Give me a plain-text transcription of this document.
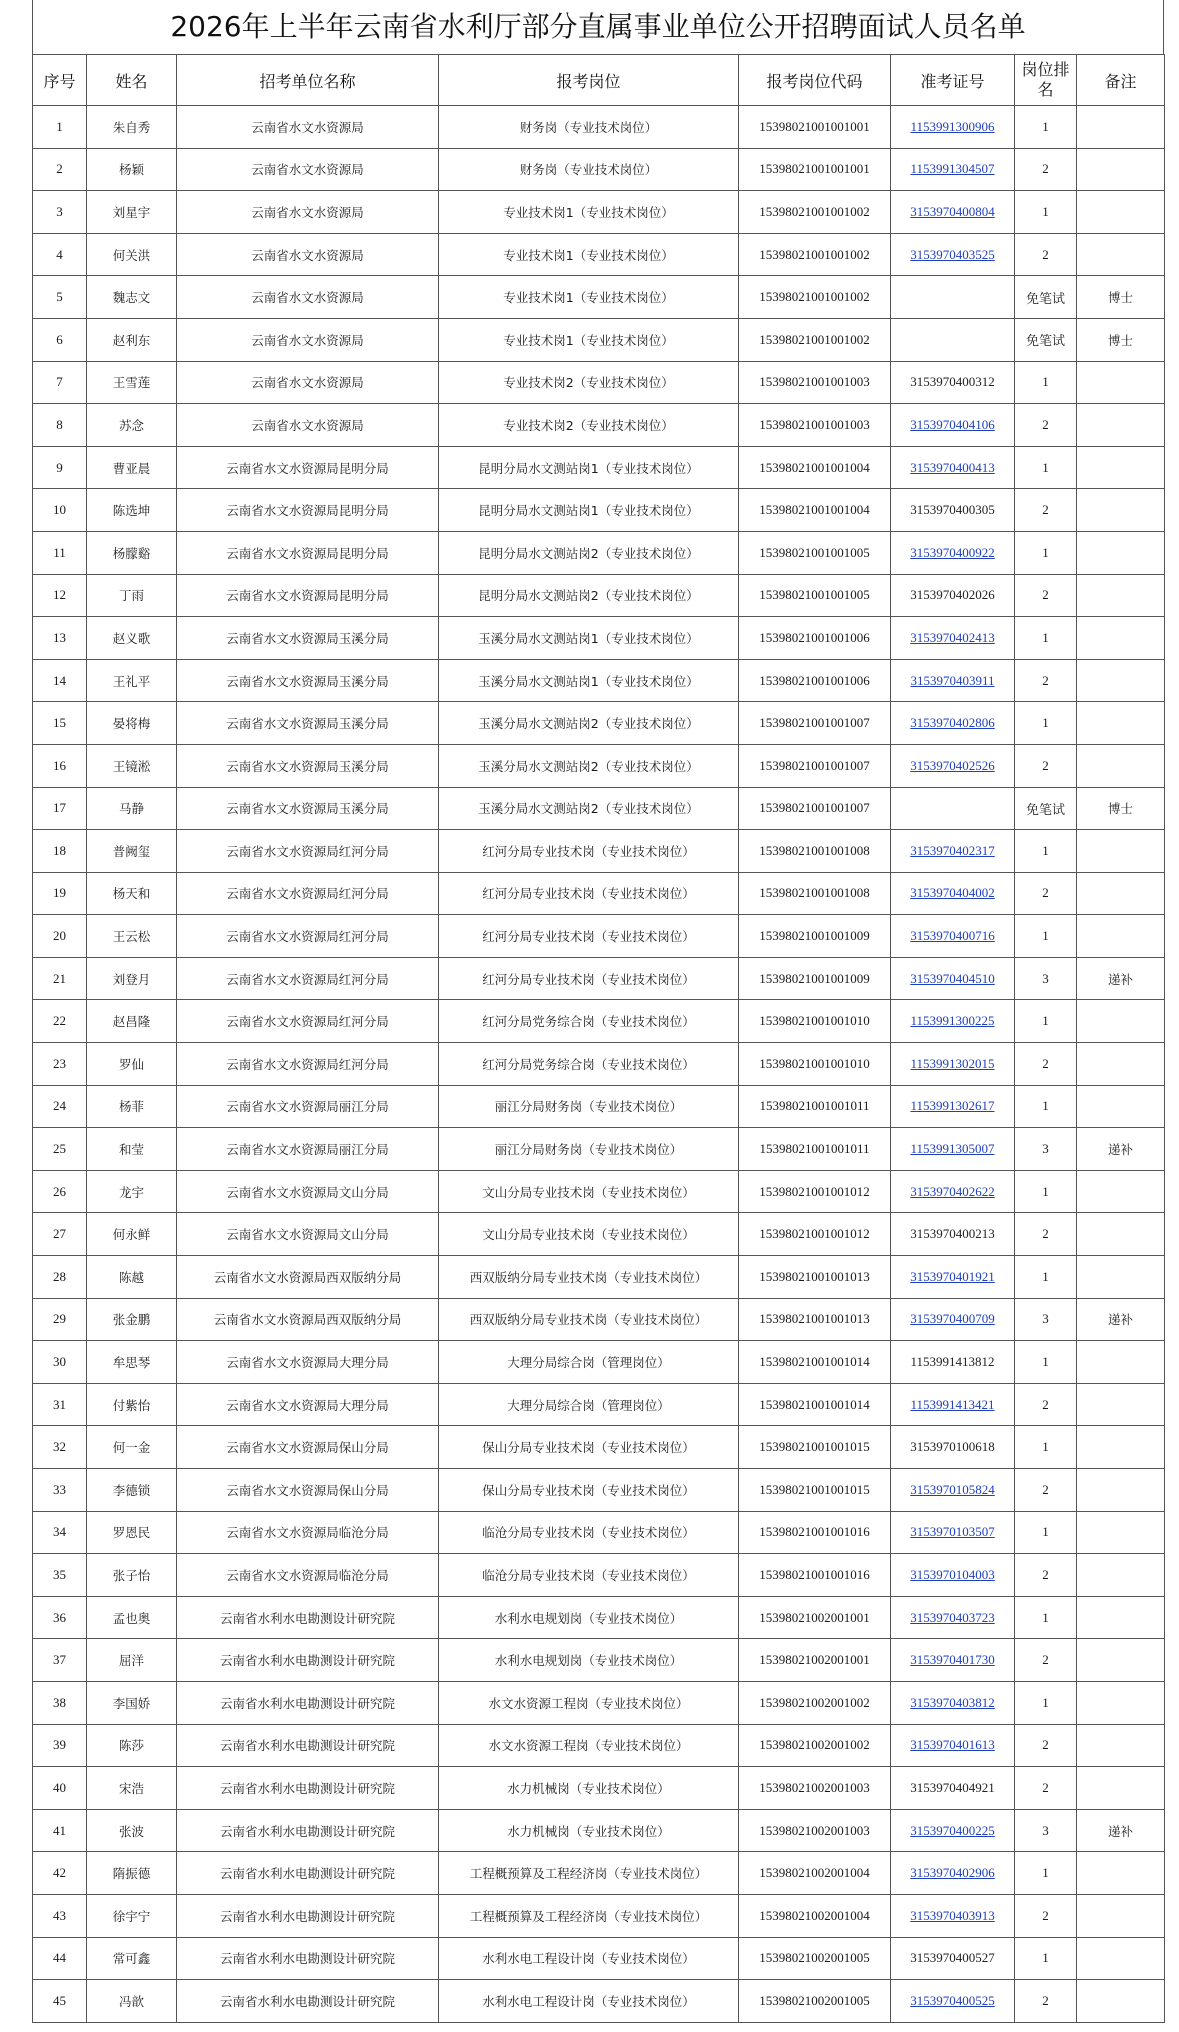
2026年上半年云南省水利厅部分直属事业单位公开招聘面试人员名单
序号	姓名	招考单位名称	报考岗位	报考岗位代码	准考证号	岗位排名	备注
1	朱自秀	云南省水文水资源局	财务岗（专业技术岗位）	15398021001001001	1153991300906	1	
2	杨颖	云南省水文水资源局	财务岗（专业技术岗位）	15398021001001001	1153991304507	2	
3	刘星宇	云南省水文水资源局	专业技术岗1（专业技术岗位）	15398021001001002	3153970400804	1	
4	何关洪	云南省水文水资源局	专业技术岗1（专业技术岗位）	15398021001001002	3153970403525	2	
5	魏志文	云南省水文水资源局	专业技术岗1（专业技术岗位）	15398021001001002		免笔试	博士
6	赵利东	云南省水文水资源局	专业技术岗1（专业技术岗位）	15398021001001002		免笔试	博士
7	王雪莲	云南省水文水资源局	专业技术岗2（专业技术岗位）	15398021001001003	3153970400312	1	
8	苏念	云南省水文水资源局	专业技术岗2（专业技术岗位）	15398021001001003	3153970404106	2	
9	曹亚晨	云南省水文水资源局昆明分局	昆明分局水文测站岗1（专业技术岗位）	15398021001001004	3153970400413	1	
10	陈选坤	云南省水文水资源局昆明分局	昆明分局水文测站岗1（专业技术岗位）	15398021001001004	3153970400305	2	
11	杨朦谿	云南省水文水资源局昆明分局	昆明分局水文测站岗2（专业技术岗位）	15398021001001005	3153970400922	1	
12	丁雨	云南省水文水资源局昆明分局	昆明分局水文测站岗2（专业技术岗位）	15398021001001005	3153970402026	2	
13	赵义歌	云南省水文水资源局玉溪分局	玉溪分局水文测站岗1（专业技术岗位）	15398021001001006	3153970402413	1	
14	王礼平	云南省水文水资源局玉溪分局	玉溪分局水文测站岗1（专业技术岗位）	15398021001001006	3153970403911	2	
15	晏将梅	云南省水文水资源局玉溪分局	玉溪分局水文测站岗2（专业技术岗位）	15398021001001007	3153970402806	1	
16	王镜淞	云南省水文水资源局玉溪分局	玉溪分局水文测站岗2（专业技术岗位）	15398021001001007	3153970402526	2	
17	马静	云南省水文水资源局玉溪分局	玉溪分局水文测站岗2（专业技术岗位）	15398021001001007		免笔试	博士
18	普阙玺	云南省水文水资源局红河分局	红河分局专业技术岗（专业技术岗位）	15398021001001008	3153970402317	1	
19	杨天和	云南省水文水资源局红河分局	红河分局专业技术岗（专业技术岗位）	15398021001001008	3153970404002	2	
20	王云松	云南省水文水资源局红河分局	红河分局专业技术岗（专业技术岗位）	15398021001001009	3153970400716	1	
21	刘登月	云南省水文水资源局红河分局	红河分局专业技术岗（专业技术岗位）	15398021001001009	3153970404510	3	递补
22	赵昌隆	云南省水文水资源局红河分局	红河分局党务综合岗（专业技术岗位）	15398021001001010	1153991300225	1	
23	罗仙	云南省水文水资源局红河分局	红河分局党务综合岗（专业技术岗位）	15398021001001010	1153991302015	2	
24	杨菲	云南省水文水资源局丽江分局	丽江分局财务岗（专业技术岗位）	15398021001001011	1153991302617	1	
25	和莹	云南省水文水资源局丽江分局	丽江分局财务岗（专业技术岗位）	15398021001001011	1153991305007	3	递补
26	龙宇	云南省水文水资源局文山分局	文山分局专业技术岗（专业技术岗位）	15398021001001012	3153970402622	1	
27	何永鲜	云南省水文水资源局文山分局	文山分局专业技术岗（专业技术岗位）	15398021001001012	3153970400213	2	
28	陈越	云南省水文水资源局西双版纳分局	西双版纳分局专业技术岗（专业技术岗位）	15398021001001013	3153970401921	1	
29	张金鹏	云南省水文水资源局西双版纳分局	西双版纳分局专业技术岗（专业技术岗位）	15398021001001013	3153970400709	3	递补
30	牟思琴	云南省水文水资源局大理分局	大理分局综合岗（管理岗位）	15398021001001014	1153991413812	1	
31	付紫怡	云南省水文水资源局大理分局	大理分局综合岗（管理岗位）	15398021001001014	1153991413421	2	
32	何一金	云南省水文水资源局保山分局	保山分局专业技术岗（专业技术岗位）	15398021001001015	3153970100618	1	
33	李德锁	云南省水文水资源局保山分局	保山分局专业技术岗（专业技术岗位）	15398021001001015	3153970105824	2	
34	罗恩民	云南省水文水资源局临沧分局	临沧分局专业技术岗（专业技术岗位）	15398021001001016	3153970103507	1	
35	张子怡	云南省水文水资源局临沧分局	临沧分局专业技术岗（专业技术岗位）	15398021001001016	3153970104003	2	
36	孟也奥	云南省水利水电勘测设计研究院	水利水电规划岗（专业技术岗位）	15398021002001001	3153970403723	1	
37	屈洋	云南省水利水电勘测设计研究院	水利水电规划岗（专业技术岗位）	15398021002001001	3153970401730	2	
38	李国娇	云南省水利水电勘测设计研究院	水文水资源工程岗（专业技术岗位）	15398021002001002	3153970403812	1	
39	陈莎	云南省水利水电勘测设计研究院	水文水资源工程岗（专业技术岗位）	15398021002001002	3153970401613	2	
40	宋浩	云南省水利水电勘测设计研究院	水力机械岗（专业技术岗位）	15398021002001003	3153970404921	2	
41	张波	云南省水利水电勘测设计研究院	水力机械岗（专业技术岗位）	15398021002001003	3153970400225	3	递补
42	隋振德	云南省水利水电勘测设计研究院	工程概预算及工程经济岗（专业技术岗位）	15398021002001004	3153970402906	1	
43	徐宇宁	云南省水利水电勘测设计研究院	工程概预算及工程经济岗（专业技术岗位）	15398021002001004	3153970403913	2	
44	常可鑫	云南省水利水电勘测设计研究院	水利水电工程设计岗（专业技术岗位）	15398021002001005	3153970400527	1	
45	冯歆	云南省水利水电勘测设计研究院	水利水电工程设计岗（专业技术岗位）	15398021002001005	3153970400525	2	
